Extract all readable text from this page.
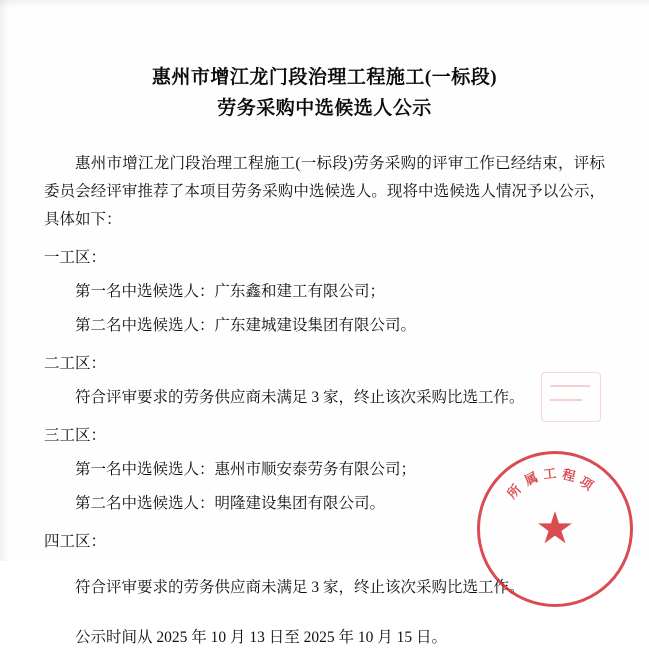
惠州市增江龙门段治理工程施工(一标段)
劳务采购中选候选人公示
惠州市增江龙门段治理工程施工(一标段)劳务采购的评审工作已经结束，评标委员会经评审推荐了本项目劳务采购中选候选人。现将中选候选人情况予以公示，具体如下：
一工区：
第一名中选候选人：广东鑫和建工有限公司；
第二名中选候选人：广东建城建设集团有限公司。
二工区：
符合评审要求的劳务供应商未满足 3 家，终止该次采购比选工作。
三工区：
第一名中选候选人：惠州市顺安泰劳务有限公司；
第二名中选候选人：明隆建设集团有限公司。
四工区：
符合评审要求的劳务供应商未满足 3 家，终止该次采购比选工作。
公示时间从 2025 年 10 月 13 日至 2025 年 10 月 15 日。
所
属 工 程 项
★
